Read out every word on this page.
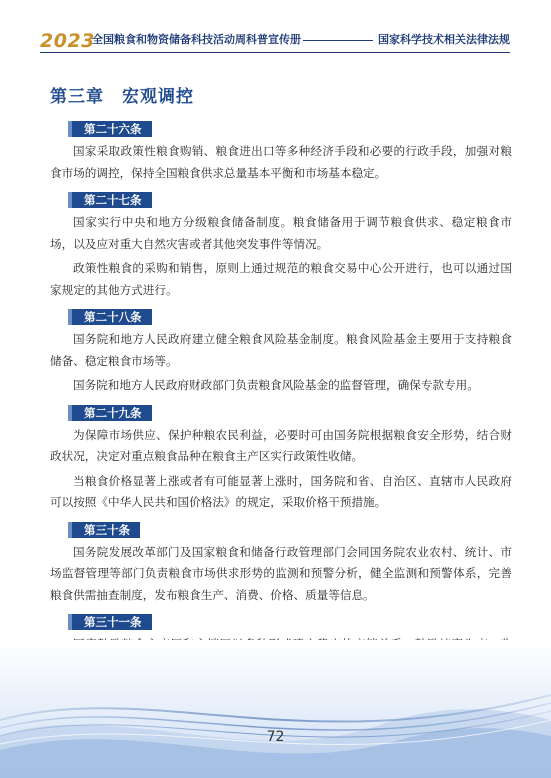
2023
全国粮食和物资储备科技活动周科普宣传册	国家科学技术相关法律法规
第三章　宏观调控
第二十六条

国家采取政策性粮食购销、粮食进出口等多种经济手段和必要的行政手段，加强对粮食市场的调控，保持全国粮食供求总量基本平衡和市场基本稳定。

第二十七条

国家实行中央和地方分级粮食储备制度。粮食储备用于调节粮食供求、稳定粮食市场，以及应对重大自然灾害或者其他突发事件等情况。

政策性粮食的采购和销售，原则上通过规范的粮食交易中心公开进行，也可以通过国家规定的其他方式进行。

第二十八条

国务院和地方人民政府建立健全粮食风险基金制度。粮食风险基金主要用于支持粮食储备、稳定粮食市场等。

国务院和地方人民政府财政部门负责粮食风险基金的监督管理，确保专款专用。

第二十九条

为保障市场供应、保护种粮农民利益，必要时可由国务院根据粮食安全形势，结合财政状况，决定对重点粮食品种在粮食主产区实行政策性收储。

当粮食价格显著上涨或者有可能显著上涨时，国务院和省、自治区、直辖市人民政府可以按照《中华人民共和国价格法》的规定，采取价格干预措施。

第三十条

国务院发展改革部门及国家粮食和储备行政管理部门会同国务院农业农村、统计、市场监督管理等部门负责粮食市场供求形势的监测和预警分析，健全监测和预警体系，完善粮食供需抽查制度，发布粮食生产、消费、价格、质量等信息。

第三十一条

72
